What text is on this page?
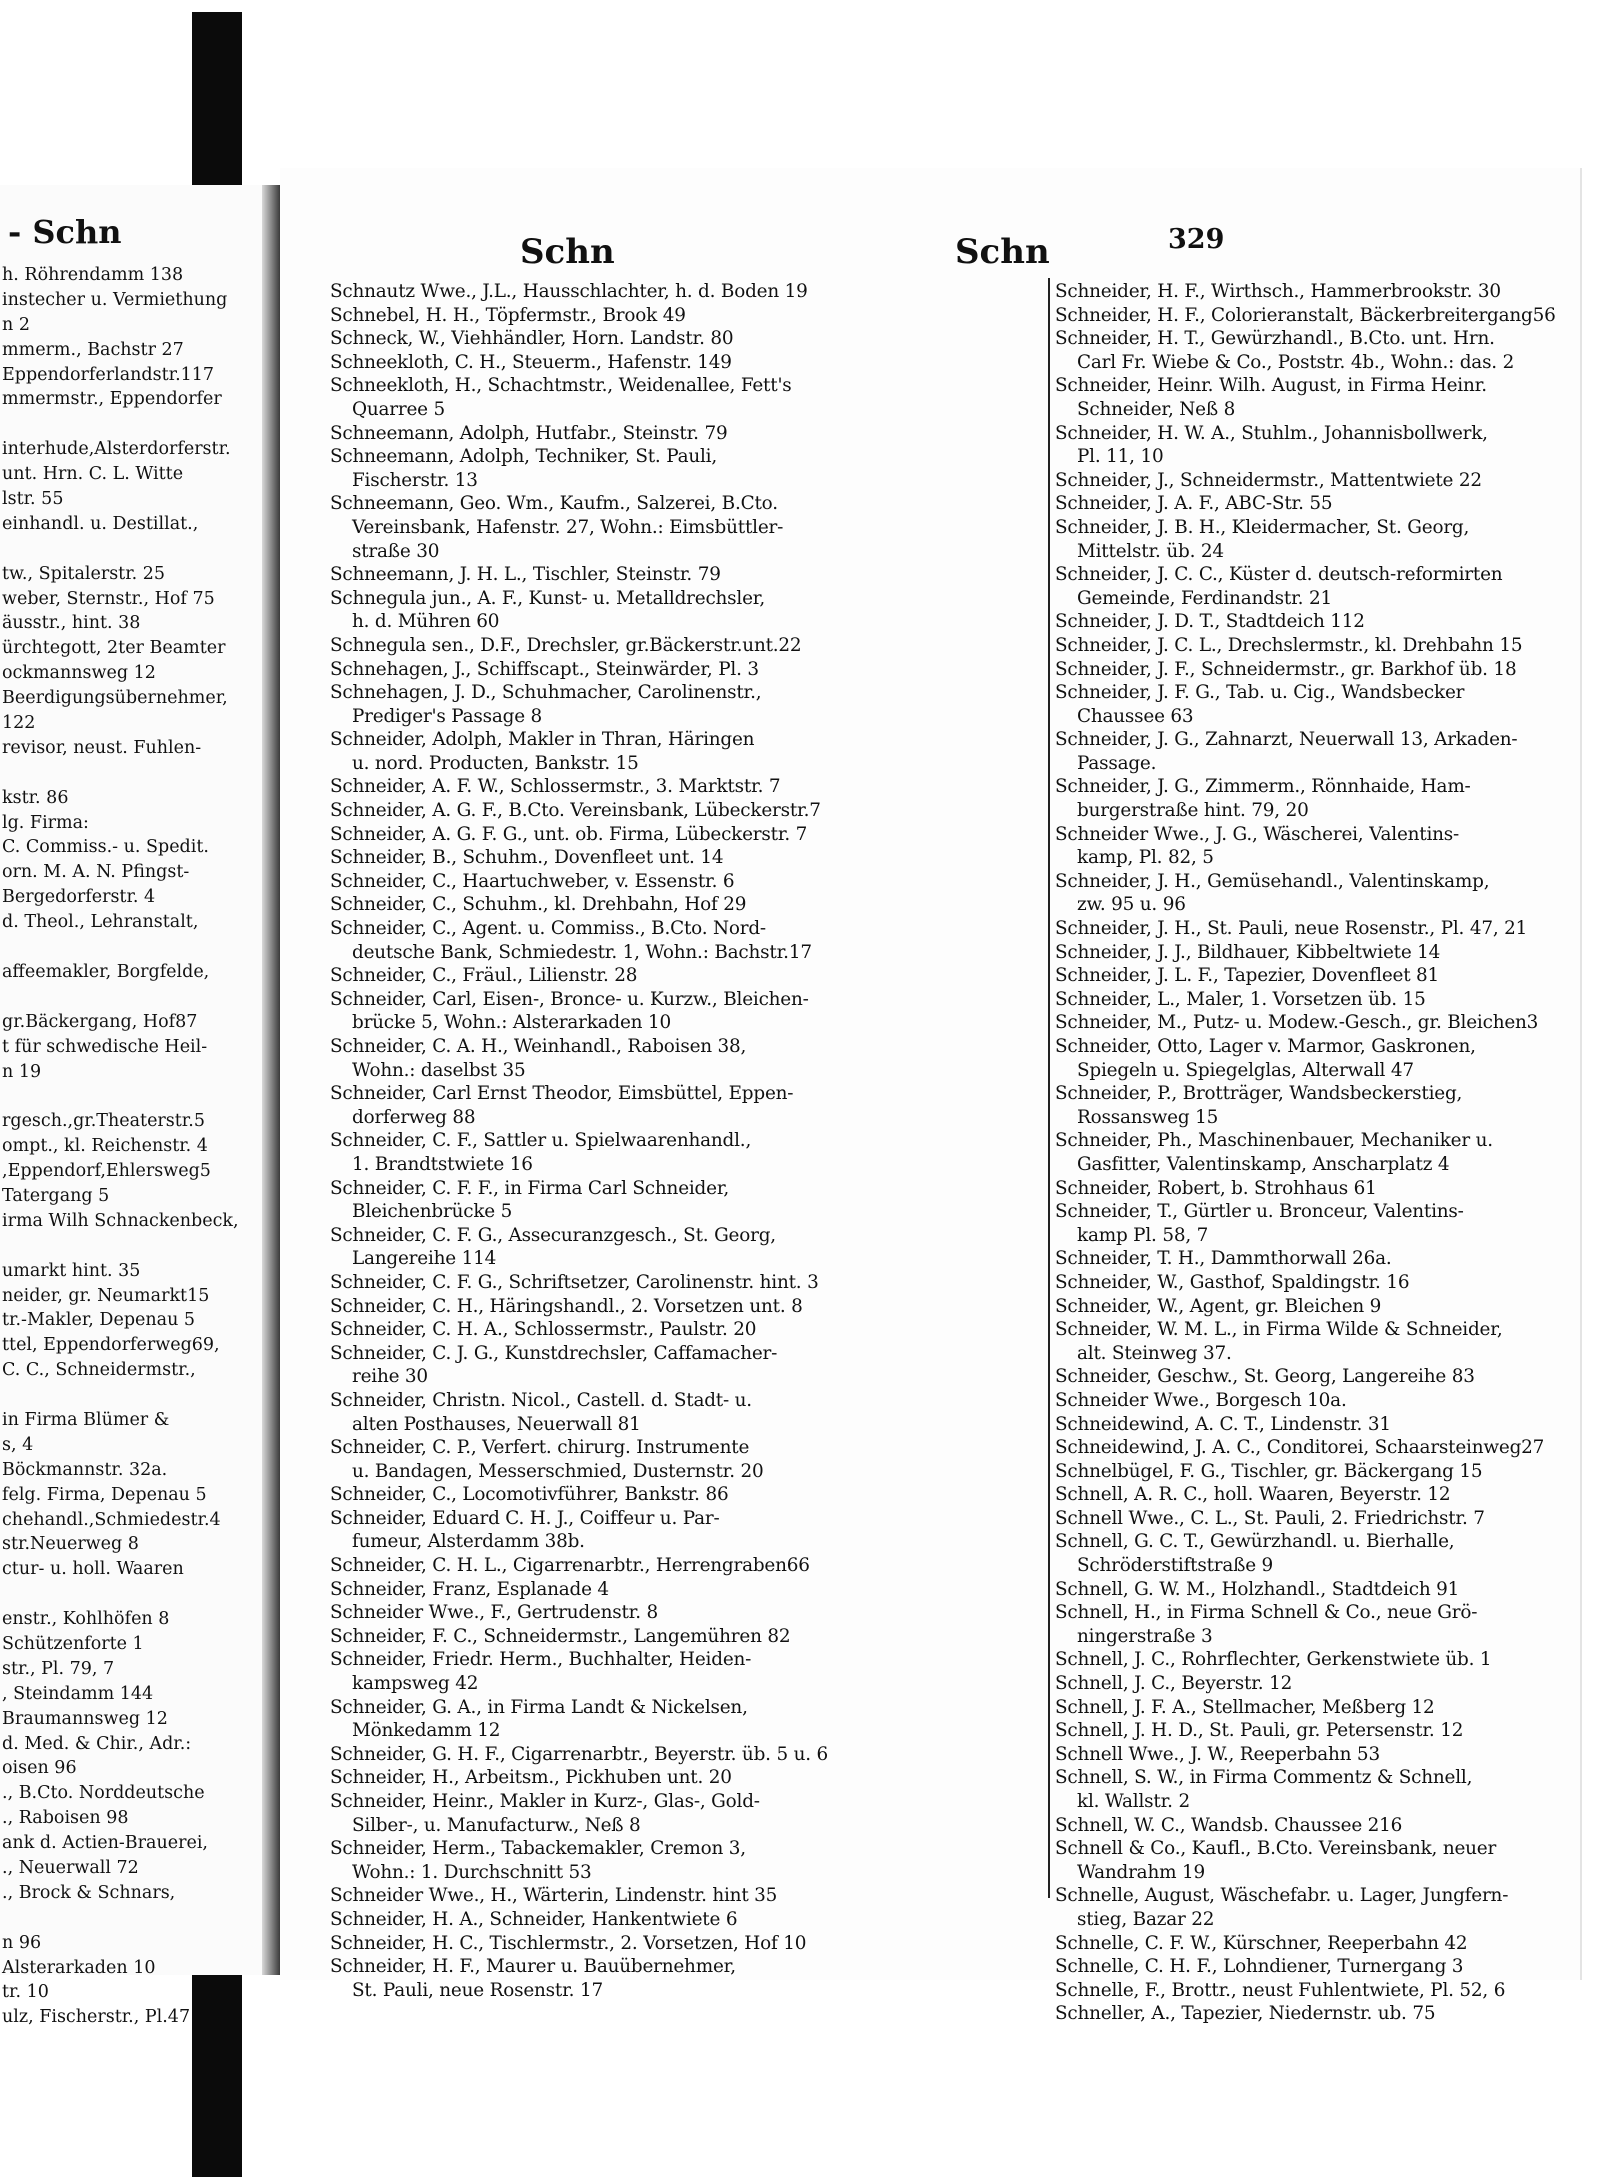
- Schn
h. Röhrendamm 138
instecher u. Vermiethung
n 2
mmerm., Bachstr 27
Eppendorferlandstr.117
mmermstr., Eppendorfer
interhude,Alsterdorferstr.
unt. Hrn. C. L. Witte
lstr. 55
einhandl. u. Destillat.,
tw., Spitalerstr. 25
weber, Sternstr., Hof 75
äusstr., hint. 38
ürchtegott, 2ter Beamter
ockmannsweg 12
Beerdigungsübernehmer,
122
revisor, neust. Fuhlen-
kstr. 86
lg. Firma:
C. Commiss.- u. Spedit.
orn. M. A. N. Pfingst-
Bergedorferstr. 4
d. Theol., Lehranstalt,
affeemakler, Borgfelde,
gr.Bäckergang, Hof87
t für schwedische Heil-
n 19
rgesch.,gr.Theaterstr.5
ompt., kl. Reichenstr. 4
,Eppendorf,Ehlersweg5
Tatergang 5
irma Wilh Schnackenbeck,
umarkt hint. 35
neider, gr. Neumarkt15
tr.-Makler, Depenau 5
ttel, Eppendorferweg69,
C. C., Schneidermstr.,
in Firma Blümer &
s, 4
Böckmannstr. 32a.
felg. Firma, Depenau 5
chehandl.,Schmiedestr.4
str.Neuerweg 8
ctur- u. holl. Waaren
enstr., Kohlhöfen 8
Schützenforte 1
str., Pl. 79, 7
, Steindamm 144
Braumannsweg 12
d. Med. & Chir., Adr.:
oisen 96
., B.Cto. Norddeutsche
., Raboisen 98
ank d. Actien-Brauerei,
., Neuerwall 72
., Brock & Schnars,
n 96
Alsterarkaden 10
tr. 10
ulz, Fischerstr., Pl.47
Schn	Schn	329
Schnautz Wwe., J.L., Hausschlachter, h. d. Boden 19
Schnebel, H. H., Töpfermstr., Brook 49
Schneck, W., Viehhändler, Horn. Landstr. 80
Schneekloth, C. H., Steuerm., Hafenstr. 149
Schneekloth, H., Schachtmstr., Weidenallee, Fett's
Quarree 5
Schneemann, Adolph, Hutfabr., Steinstr. 79
Schneemann, Adolph, Techniker, St. Pauli,
Fischerstr. 13
Schneemann, Geo. Wm., Kaufm., Salzerei, B.Cto.
Vereinsbank, Hafenstr. 27, Wohn.: Eimsbüttler-
straße 30
Schneemann, J. H. L., Tischler, Steinstr. 79
Schnegula jun., A. F., Kunst- u. Metalldrechsler,
h. d. Mühren 60
Schnegula sen., D.F., Drechsler, gr.Bäckerstr.unt.22
Schnehagen, J., Schiffscapt., Steinwärder, Pl. 3
Schnehagen, J. D., Schuhmacher, Carolinenstr.,
Prediger's Passage 8
Schneider, Adolph, Makler in Thran, Häringen
u. nord. Producten, Bankstr. 15
Schneider, A. F. W., Schlossermstr., 3. Marktstr. 7
Schneider, A. G. F., B.Cto. Vereinsbank, Lübeckerstr.7
Schneider, A. G. F. G., unt. ob. Firma, Lübeckerstr. 7
Schneider, B., Schuhm., Dovenfleet unt. 14
Schneider, C., Haartuchweber, v. Essenstr. 6
Schneider, C., Schuhm., kl. Drehbahn, Hof 29
Schneider, C., Agent. u. Commiss., B.Cto. Nord-
deutsche Bank, Schmiedestr. 1, Wohn.: Bachstr.17
Schneider, C., Fräul., Lilienstr. 28
Schneider, Carl, Eisen-, Bronce- u. Kurzw., Bleichen-
brücke 5, Wohn.: Alsterarkaden 10
Schneider, C. A. H., Weinhandl., Raboisen 38,
Wohn.: daselbst 35
Schneider, Carl Ernst Theodor, Eimsbüttel, Eppen-
dorferweg 88
Schneider, C. F., Sattler u. Spielwaarenhandl.,
1. Brandtstwiete 16
Schneider, C. F. F., in Firma Carl Schneider,
Bleichenbrücke 5
Schneider, C. F. G., Assecuranzgesch., St. Georg,
Langereihe 114
Schneider, C. F. G., Schriftsetzer, Carolinenstr. hint. 3
Schneider, C. H., Häringshandl., 2. Vorsetzen unt. 8
Schneider, C. H. A., Schlossermstr., Paulstr. 20
Schneider, C. J. G., Kunstdrechsler, Caffamacher-
reihe 30
Schneider, Christn. Nicol., Castell. d. Stadt- u.
alten Posthauses, Neuerwall 81
Schneider, C. P., Verfert. chirurg. Instrumente
u. Bandagen, Messerschmied, Dusternstr. 20
Schneider, C., Locomotivführer, Bankstr. 86
Schneider, Eduard C. H. J., Coiffeur u. Par-
fumeur, Alsterdamm 38b.
Schneider, C. H. L., Cigarrenarbtr., Herrengraben66
Schneider, Franz, Esplanade 4
Schneider Wwe., F., Gertrudenstr. 8
Schneider, F. C., Schneidermstr., Langemühren 82
Schneider, Friedr. Herm., Buchhalter, Heiden-
kampsweg 42
Schneider, G. A., in Firma Landt & Nickelsen,
Mönkedamm 12
Schneider, G. H. F., Cigarrenarbtr., Beyerstr. üb. 5 u. 6
Schneider, H., Arbeitsm., Pickhuben unt. 20
Schneider, Heinr., Makler in Kurz-, Glas-, Gold-
Silber-, u. Manufacturw., Neß 8
Schneider, Herm., Tabackemakler, Cremon 3,
Wohn.: 1. Durchschnitt 53
Schneider Wwe., H., Wärterin, Lindenstr. hint 35
Schneider, H. A., Schneider, Hankentwiete 6
Schneider, H. C., Tischlermstr., 2. Vorsetzen, Hof 10
Schneider, H. F., Maurer u. Bauübernehmer,
St. Pauli, neue Rosenstr. 17
Schneider, H. F., Wirthsch., Hammerbrookstr. 30
Schneider, H. F., Colorieranstalt, Bäckerbreitergang56
Schneider, H. T., Gewürzhandl., B.Cto. unt. Hrn.
Carl Fr. Wiebe & Co., Poststr. 4b., Wohn.: das. 2
Schneider, Heinr. Wilh. August, in Firma Heinr.
Schneider, Neß 8
Schneider, H. W. A., Stuhlm., Johannisbollwerk,
Pl. 11, 10
Schneider, J., Schneidermstr., Mattentwiete 22
Schneider, J. A. F., ABC-Str. 55
Schneider, J. B. H., Kleidermacher, St. Georg,
Mittelstr. üb. 24
Schneider, J. C. C., Küster d. deutsch-reformirten
Gemeinde, Ferdinandstr. 21
Schneider, J. D. T., Stadtdeich 112
Schneider, J. C. L., Drechslermstr., kl. Drehbahn 15
Schneider, J. F., Schneidermstr., gr. Barkhof üb. 18
Schneider, J. F. G., Tab. u. Cig., Wandsbecker
Chaussee 63
Schneider, J. G., Zahnarzt, Neuerwall 13, Arkaden-
Passage.
Schneider, J. G., Zimmerm., Rönnhaide, Ham-
burgerstraße hint. 79, 20
Schneider Wwe., J. G., Wäscherei, Valentins-
kamp, Pl. 82, 5
Schneider, J. H., Gemüsehandl., Valentinskamp,
zw. 95 u. 96
Schneider, J. H., St. Pauli, neue Rosenstr., Pl. 47, 21
Schneider, J. J., Bildhauer, Kibbeltwiete 14
Schneider, J. L. F., Tapezier, Dovenfleet 81
Schneider, L., Maler, 1. Vorsetzen üb. 15
Schneider, M., Putz- u. Modew.-Gesch., gr. Bleichen3
Schneider, Otto, Lager v. Marmor, Gaskronen,
Spiegeln u. Spiegelglas, Alterwall 47
Schneider, P., Brotträger, Wandsbeckerstieg,
Rossansweg 15
Schneider, Ph., Maschinenbauer, Mechaniker u.
Gasfitter, Valentinskamp, Anscharplatz 4
Schneider, Robert, b. Strohhaus 61
Schneider, T., Gürtler u. Bronceur, Valentins-
kamp Pl. 58, 7
Schneider, T. H., Dammthorwall 26a.
Schneider, W., Gasthof, Spaldingstr. 16
Schneider, W., Agent, gr. Bleichen 9
Schneider, W. M. L., in Firma Wilde & Schneider,
alt. Steinweg 37.
Schneider, Geschw., St. Georg, Langereihe 83
Schneider Wwe., Borgesch 10a.
Schneidewind, A. C. T., Lindenstr. 31
Schneidewind, J. A. C., Conditorei, Schaarsteinweg27
Schnelbügel, F. G., Tischler, gr. Bäckergang 15
Schnell, A. R. C., holl. Waaren, Beyerstr. 12
Schnell Wwe., C. L., St. Pauli, 2. Friedrichstr. 7
Schnell, G. C. T., Gewürzhandl. u. Bierhalle,
Schröderstiftstraße 9
Schnell, G. W. M., Holzhandl., Stadtdeich 91
Schnell, H., in Firma Schnell & Co., neue Grö-
ningerstraße 3
Schnell, J. C., Rohrflechter, Gerkenstwiete üb. 1
Schnell, J. C., Beyerstr. 12
Schnell, J. F. A., Stellmacher, Meßberg 12
Schnell, J. H. D., St. Pauli, gr. Petersenstr. 12
Schnell Wwe., J. W., Reeperbahn 53
Schnell, S. W., in Firma Commentz & Schnell,
kl. Wallstr. 2
Schnell, W. C., Wandsb. Chaussee 216
Schnell & Co., Kaufl., B.Cto. Vereinsbank, neuer
Wandrahm 19
Schnelle, August, Wäschefabr. u. Lager, Jungfern-
stieg, Bazar 22
Schnelle, C. F. W., Kürschner, Reeperbahn 42
Schnelle, C. H. F., Lohndiener, Turnergang 3
Schnelle, F., Brottr., neust Fuhlentwiete, Pl. 52, 6
Schneller, A., Tapezier, Niedernstr. ub. 75
